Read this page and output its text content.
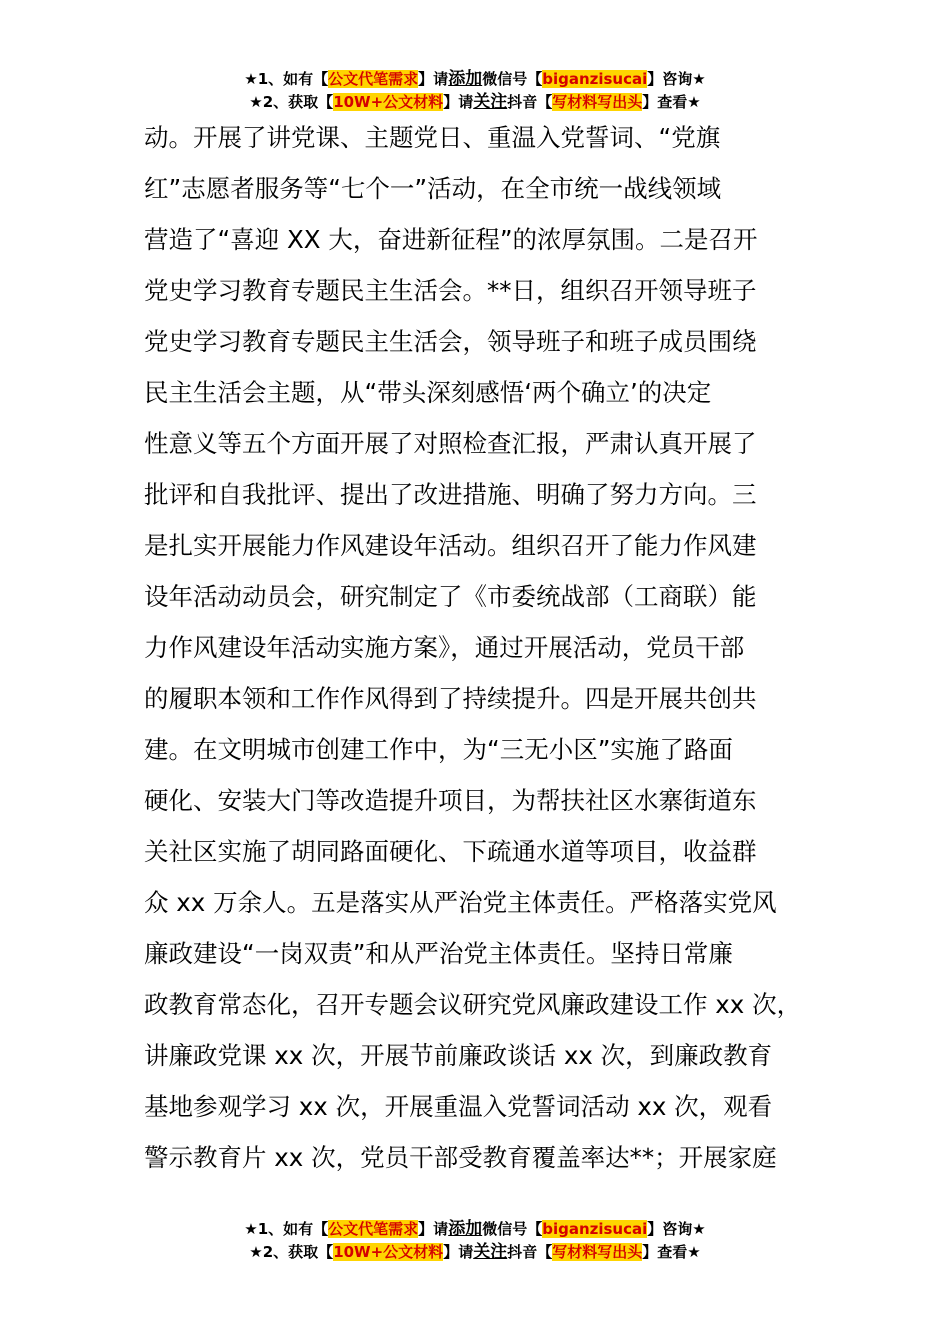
★1、如有【公文代笔需求】请添加微信号【biganzisucai】咨询★
★2、获取【10W+公文材料】请关注抖音【写材料写出头】查看★
动。开展了讲党课、主题党日、重温入党誓词、“党旗
红”志愿者服务等“七个一”活动，在全市统一战线领域
营造了“喜迎 XX 大，奋进新征程”的浓厚氛围。二是召开
党史学习教育专题民主生活会。**日，组织召开领导班子
党史学习教育专题民主生活会，领导班子和班子成员围绕
民主生活会主题，从“带头深刻感悟‘两个确立’的决定
性意义等五个方面开展了对照检查汇报，严肃认真开展了
批评和自我批评、提出了改进措施、明确了努力方向。三
是扎实开展能力作风建设年活动。组织召开了能力作风建
设年活动动员会，研究制定了《市委统战部（工商联）能
力作风建设年活动实施方案》，通过开展活动，党员干部
的履职本领和工作作风得到了持续提升。四是开展共创共
建。在文明城市创建工作中，为“三无小区”实施了路面
硬化、安装大门等改造提升项目，为帮扶社区水寨街道东
关社区实施了胡同路面硬化、下疏通水道等项目，收益群
众 xx 万余人。五是落实从严治党主体责任。严格落实党风
廉政建设“一岗双责”和从严治党主体责任。坚持日常廉
政教育常态化，召开专题会议研究党风廉政建设工作 xx 次，
讲廉政党课 xx 次，开展节前廉政谈话 xx 次，到廉政教育
基地参观学习 xx 次，开展重温入党誓词活动 xx 次，观看
警示教育片 xx 次，党员干部受教育覆盖率达**；开展家庭
★1、如有【公文代笔需求】请添加微信号【biganzisucai】咨询★
★2、获取【10W+公文材料】请关注抖音【写材料写出头】查看★
